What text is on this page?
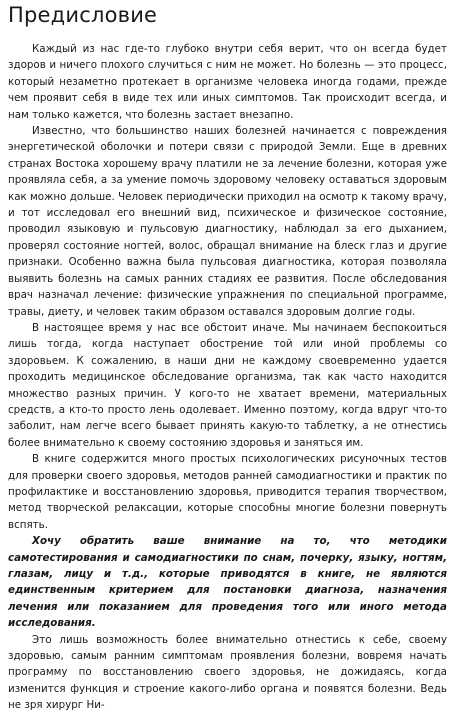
Предисловие

Каждый из нас где-то глубоко внутри себя верит, что он всегда будет здоров и ничего плохого случиться с ним не может. Но болезнь — это процесс, который незаметно протекает в организме человека иногда годами, прежде чем проявит себя в виде тех или иных симптомов. Так происходит всегда, и нам только кажется, что болезнь застает внезапно.

Известно, что большинство наших болезней начинается с повреждения энергетической оболочки и потери связи с природой Земли. Еще в древних странах Востока хорошему врачу платили не за лечение болезни, которая уже проявляла себя, а за умение помочь здоровому человеку оставаться здоровым как можно дольше. Человек периодически приходил на осмотр к такому врачу, и тот исследовал его внешний вид, психическое и физическое состояние, проводил языковую и пульсовую диагностику, наблюдал за его дыханием, проверял состояние ногтей, волос, обращал внимание на блеск глаз и другие признаки. Особенно важна была пульсовая диагностика, которая позволяла выявить болезнь на самых ранних стадиях ее развития. После обследования врач назначал лечение: физические упражнения по специальной программе, травы, диету, и человек таким образом оставался здоровым долгие годы.

В настоящее время у нас все обстоит иначе. Мы начинаем беспокоиться лишь тогда, когда наступает обострение той или иной проблемы со здоровьем. К сожалению, в наши дни не каждому своевременно удается проходить медицинское обследование организма, так как часто находится множество разных причин. У кого-то не хватает времени, материальных средств, а кто-то просто лень одолевает. Именно поэтому, когда вдруг что-то заболит, нам легче всего бывает принять какую-то таблетку, а не отнестись более внимательно к своему состоянию здоровья и заняться им.

В книге содержится много простых психологических рисуночных тестов для проверки своего здоровья, методов ранней самодиагностики и практик по профилактике и восстановлению здоровья, приводится терапия творчеством, метод творческой релаксации, которые способны многие болезни повернуть вспять.

Хочу обратить ваше внимание на то, что методики самотестирования и самодиагностики по снам, почерку, языку, ногтям, глазам, лицу и т.д., которые приводятся в книге, не являются единственным критерием для постановки диагноза, назначения лечения или показанием для проведения того или иного метода исследования.

Это лишь возможность более внимательно отнестись к себе, своему здоровью, самым ранним симптомам проявления болезни, вовремя начать программу по восстановлению своего здоровья, не дожидаясь, когда изменится функция и строение какого-либо органа и появятся болезни. Ведь не зря хирург Ни-
